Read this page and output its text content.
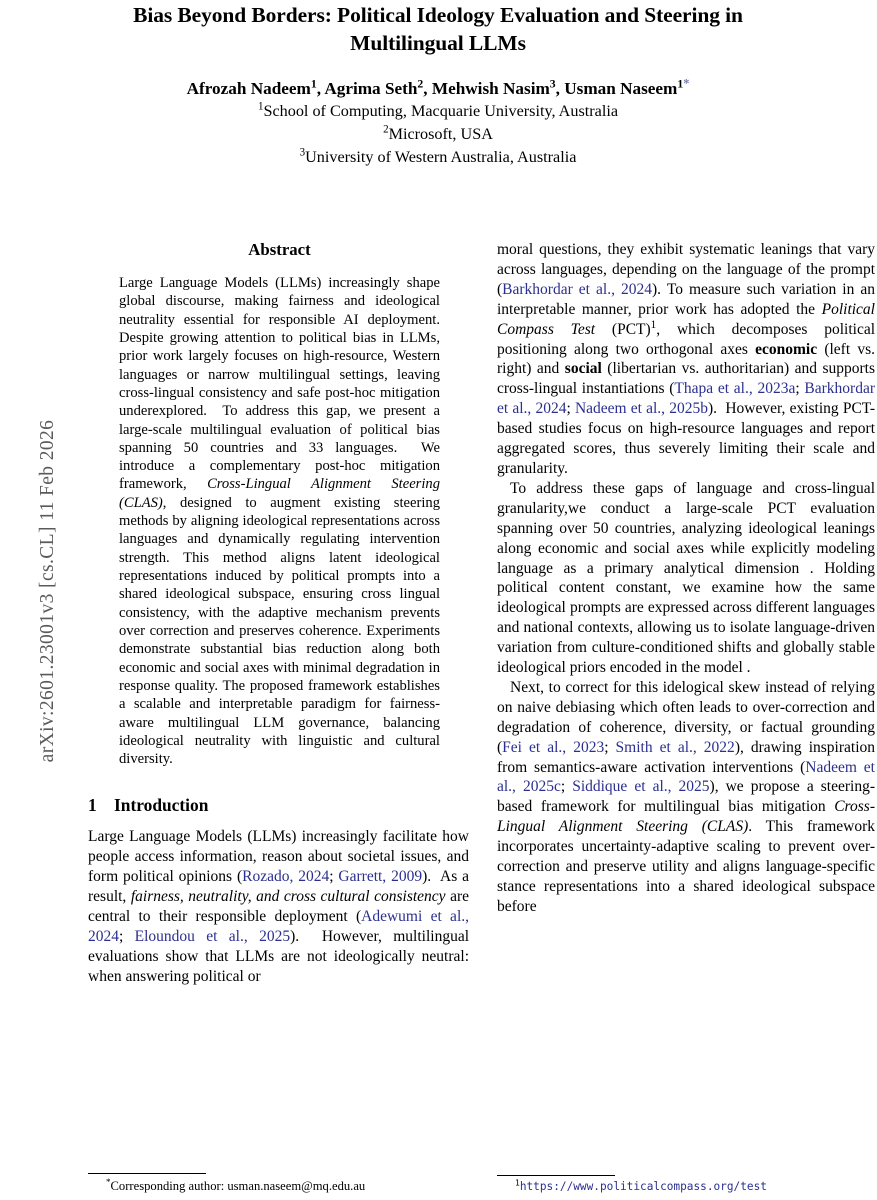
arXiv:2601.23001v3 [cs.CL] 11 Feb 2026
Bias Beyond Borders: Political Ideology Evaluation and Steering in Multilingual LLMs
Afrozah Nadeem$^1$, Agrima Seth$^2$, Mehwish Nasim$^3$, Usman Naseem$^{1*}$
$^1$School of Computing, Macquarie University, Australia
$^2$Microsoft, USA
$^3$University of Western Australia, Australia
Abstract

Large Language Models (LLMs) increasingly shape global discourse, making fairness and ideological neutrality essential for responsible AI deployment. Despite growing attention to political bias in LLMs, prior work largely focuses on high-resource, Western languages or narrow multilingual settings, leaving cross-lingual consistency and safe post-hoc mitigation underexplored.  To address this gap, we present a large-scale multilingual evaluation of political bias spanning 50 countries and 33 languages.  We introduce a complementary post-hoc mitigation framework, Cross-Lingual Alignment Steering (CLAS), designed to augment existing steering methods by aligning ideological representations across languages and dynamically regulating intervention strength. This method aligns latent ideological representations induced by political prompts into a shared ideological subspace, ensuring cross lingual consistency, with the adaptive mechanism prevents over correction and preserves coherence. Experiments demonstrate substantial bias reduction along both economic and social axes with minimal degradation in response quality. The proposed framework establishes a scalable and interpretable paradigm for fairness-aware multilingual LLM governance, balancing ideological neutrality with linguistic and cultural diversity.

1 Introduction

Large Language Models (LLMs) increasingly facilitate how people access information, reason about societal issues, and form political opinions (Rozado, 2024; Garrett, 2009).  As a result, fairness, neutrality, and cross cultural consistency are central to their responsible deployment (Adewumi et al., 2024; Eloundou et al., 2025).  However, multilingual evaluations show that LLMs are not ideologically neutral: when answering political or

moral questions, they exhibit systematic leanings that vary across languages, depending on the language of the prompt (Barkhordar et al., 2024). To measure such variation in an interpretable manner, prior work has adopted the Political Compass Test (PCT)$^1$, which decomposes political positioning along two orthogonal axes economic (left vs. right) and social (libertarian vs. authoritarian) and supports cross-lingual instantiations (Thapa et al., 2023a; Barkhordar et al., 2024; Nadeem et al., 2025b).  However, existing PCT-based studies focus on high-resource languages and report aggregated scores, thus severely limiting their scale and granularity.

To address these gaps of language and cross-lingual granularity,we conduct a large-scale PCT evaluation spanning over 50 countries, analyzing ideological leanings along economic and social axes while explicitly modeling language as a primary analytical dimension . Holding political content constant, we examine how the same ideological prompts are expressed across different languages and national contexts, allowing us to isolate language-driven variation from culture-conditioned shifts and globally stable ideological priors encoded in the model .

Next, to correct for this idelogical skew instead of relying on naive debiasing which often leads to over-correction and degradation of coherence, diversity, or factual grounding (Fei et al., 2023; Smith et al., 2022), drawing inspiration from semantics-aware activation interventions (Nadeem et al., 2025c; Siddique et al., 2025), we propose a steering-based framework for multilingual bias mitigation Cross-Lingual Alignment Steering (CLAS). This framework incorporates uncertainty-adaptive scaling to prevent over-correction and preserve utility and aligns language-specific stance representations into a shared ideological subspace before

*Corresponding author: usman.naseem@mq.edu.au	$^1$https://www.politicalcompass.org/test
